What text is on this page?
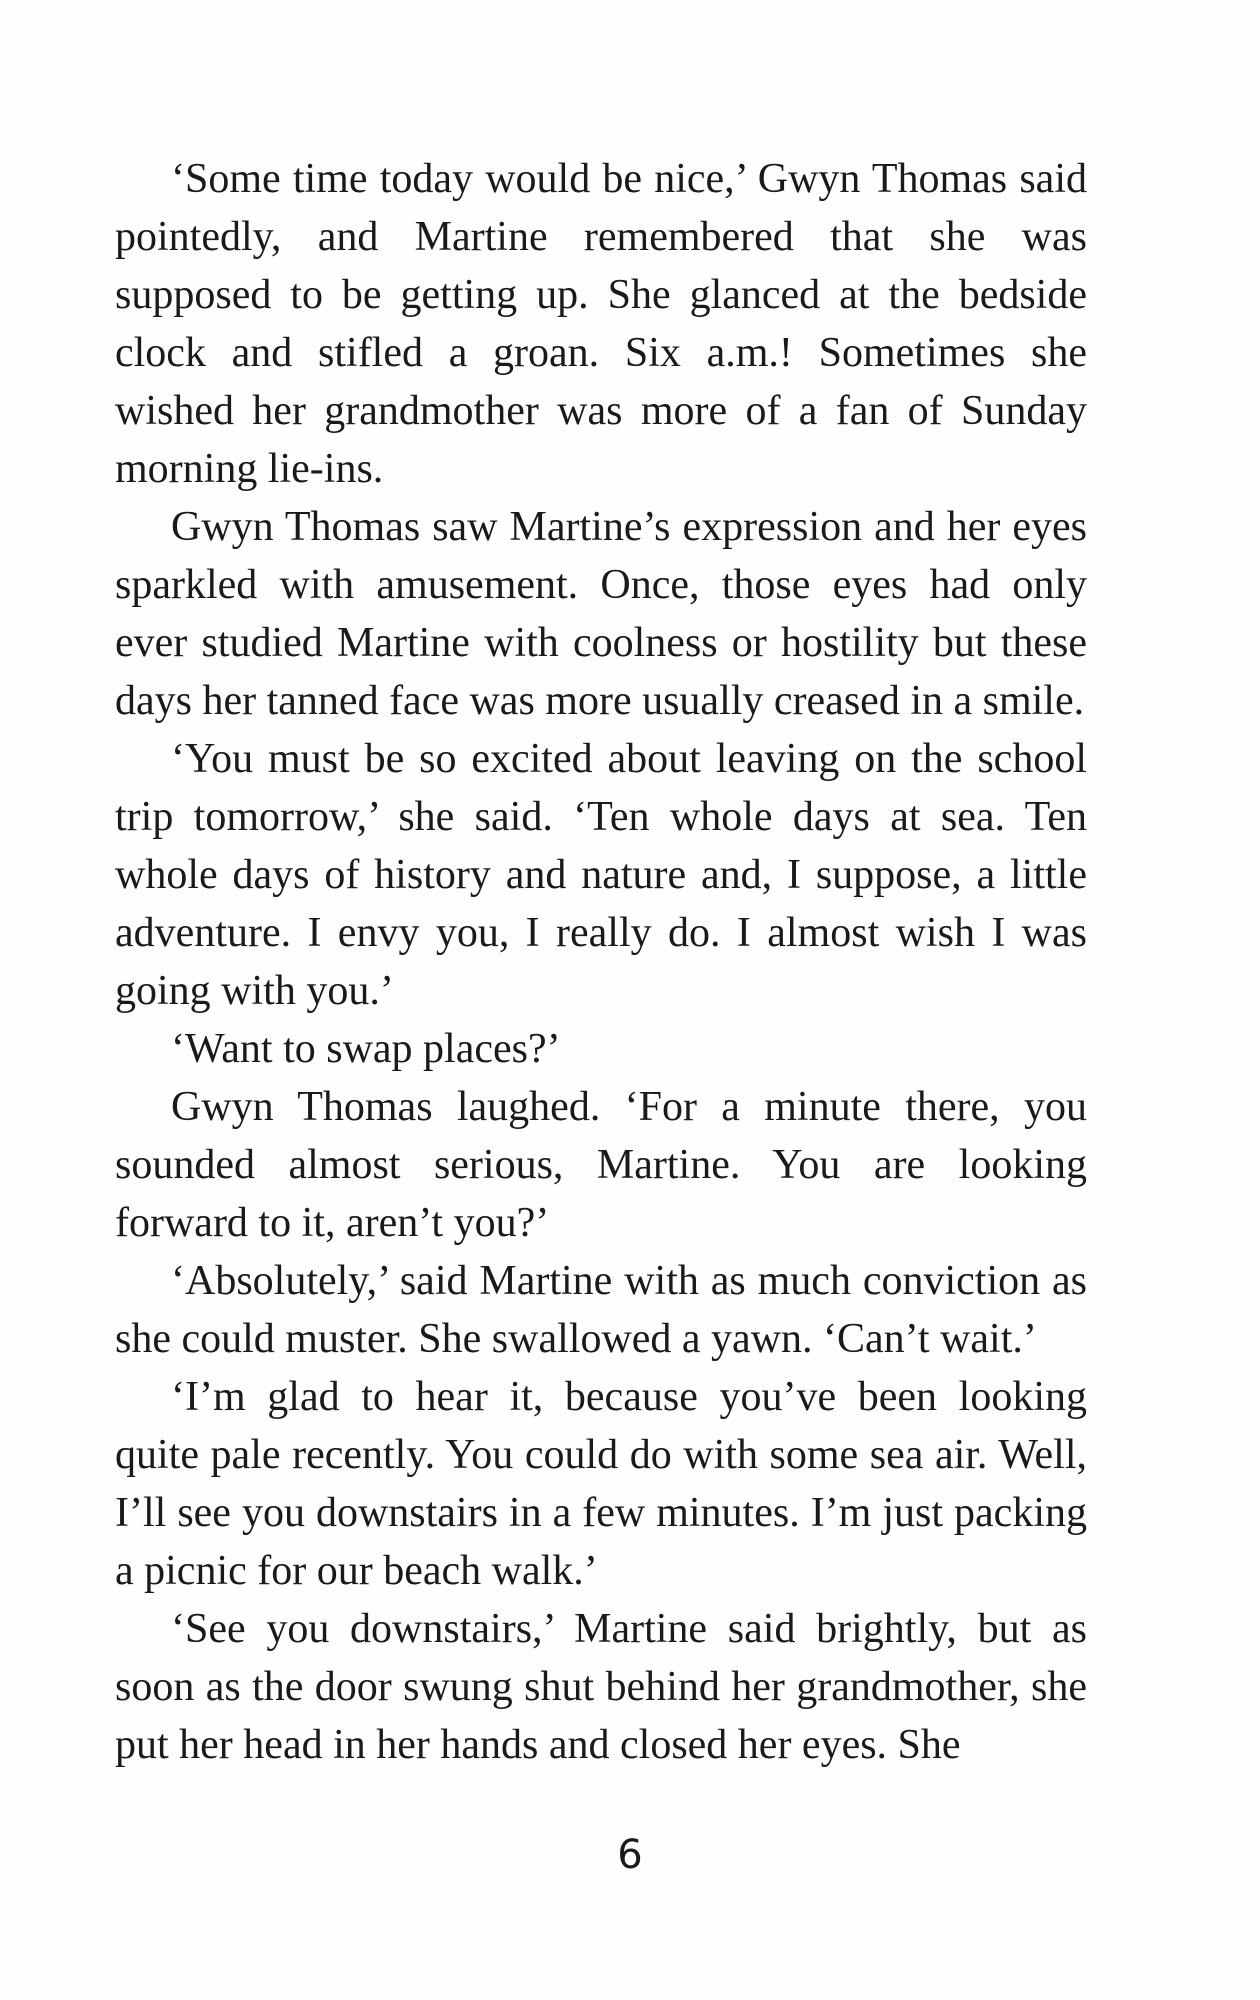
‘Some time today would be nice,’ Gwyn Thomas said pointedly, and Martine remembered that she was supposed to be getting up. She glanced at the bedside clock and stifled a groan. Six a.m.! Sometimes she wished her grandmother was more of a fan of Sunday morning lie-ins.

Gwyn Thomas saw Martine’s expression and her eyes sparkled with amusement. Once, those eyes had only ever studied Martine with coolness or hostility but these days her tanned face was more usually creased in a smile.

‘You must be so excited about leaving on the school trip tomorrow,’ she said. ‘Ten whole days at sea. Ten whole days of history and nature and, I suppose, a little adventure. I envy you, I really do. I almost wish I was going with you.’

‘Want to swap places?’

Gwyn Thomas laughed. ‘For a minute there, you sounded almost serious, Martine. You are looking forward to it, aren’t you?’

‘Absolutely,’ said Martine with as much conviction as she could muster. She swallowed a yawn. ‘Can’t wait.’

‘I’m glad to hear it, because you’ve been looking quite pale recently. You could do with some sea air. Well, I’ll see you downstairs in a few minutes. I’m just packing a picnic for our beach walk.’

‘See you downstairs,’ Martine said brightly, but as soon as the door swung shut behind her grandmother, she put her head in her hands and closed her eyes. She

6
